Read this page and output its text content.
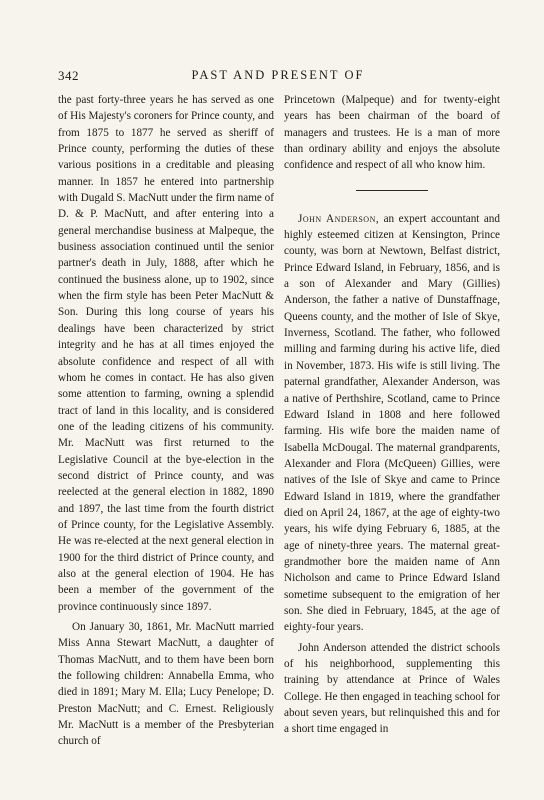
342	PAST AND PRESENT OF

the past forty-three years he has served as one of His Majesty's coroners for Prince county, and from 1875 to 1877 he served as sheriff of Prince county, performing the duties of these various positions in a creditable and pleasing manner. In 1857 he entered into partnership with Dugald S. MacNutt under the firm name of D. & P. MacNutt, and after entering into a general merchandise business at Malpeque, the business association continued until the senior partner's death in July, 1888, after which he continued the business alone, up to 1902, since when the firm style has been Peter MacNutt & Son. During this long course of years his dealings have been characterized by strict integrity and he has at all times enjoyed the absolute confidence and respect of all with whom he comes in contact. He has also given some attention to farming, owning a splendid tract of land in this locality, and is considered one of the leading citizens of his community. Mr. MacNutt was first returned to the Legislative Council at the bye-election in the second district of Prince county, and was reelected at the general election in 1882, 1890 and 1897, the last time from the fourth district of Prince county, for the Legislative Assembly. He was re-elected at the next general election in 1900 for the third district of Prince county, and also at the general election of 1904. He has been a member of the government of the province continuously since 1897.

On January 30, 1861, Mr. MacNutt married Miss Anna Stewart MacNutt, a daughter of Thomas MacNutt, and to them have been born the following children: Annabella Emma, who died in 1891; Mary M. Ella; Lucy Penelope; D. Preston MacNutt; and C. Ernest. Religiously Mr. MacNutt is a member of the Presbyterian church of

Princetown (Malpeque) and for twenty-eight years has been chairman of the board of managers and trustees. He is a man of more than ordinary ability and enjoys the absolute confidence and respect of all who know him.

John Anderson, an expert accountant and highly esteemed citizen at Kensington, Prince county, was born at Newtown, Belfast district, Prince Edward Island, in February, 1856, and is a son of Alexander and Mary (Gillies) Anderson, the father a native of Dunstaffnage, Queens county, and the mother of Isle of Skye, Inverness, Scotland. The father, who followed milling and farming during his active life, died in November, 1873. His wife is still living. The paternal grandfather, Alexander Anderson, was a native of Perthshire, Scotland, came to Prince Edward Island in 1808 and here followed farming. His wife bore the maiden name of Isabella McDougal. The maternal grandparents, Alexander and Flora (McQueen) Gillies, were natives of the Isle of Skye and came to Prince Edward Island in 1819, where the grandfather died on April 24, 1867, at the age of eighty-two years, his wife dying February 6, 1885, at the age of ninety-three years. The maternal great-grandmother bore the maiden name of Ann Nicholson and came to Prince Edward Island sometime subsequent to the emigration of her son. She died in February, 1845, at the age of eighty-four years.

John Anderson attended the district schools of his neighborhood, supplementing this training by attendance at Prince of Wales College. He then engaged in teaching school for about seven years, but relinquished this and for a short time engaged in
